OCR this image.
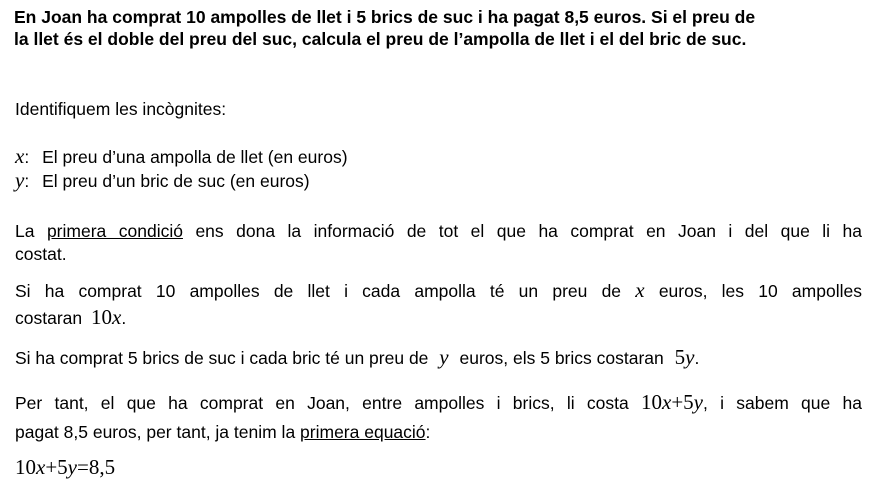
En Joan ha comprat 10 ampolles de llet i 5 brics de suc i ha pagat 8,5 euros. Si el preu de
la llet és el doble del preu del suc, calcula el preu de l’ampolla de llet i el del bric de suc.
Identifiquem les incògnites:
x: El preu d’una ampolla de llet (en euros)
y: El preu d’un bric de suc (en euros)
La primera condició ens dona la informació de tot el que ha comprat en Joan i del que li ha
costat.
Si ha comprat 10 ampolles de llet i cada ampolla té un preu de x euros, les 10 ampolles
costaran 10x.
Si ha comprat 5 brics de suc i cada bric té un preu de y euros, els 5 brics costaran 5y.
Per tant, el que ha comprat en Joan, entre ampolles i brics, li costa 10x+5y, i sabem que ha
pagat 8,5 euros, per tant, ja tenim la primera equació:
10x+5y=8,5
